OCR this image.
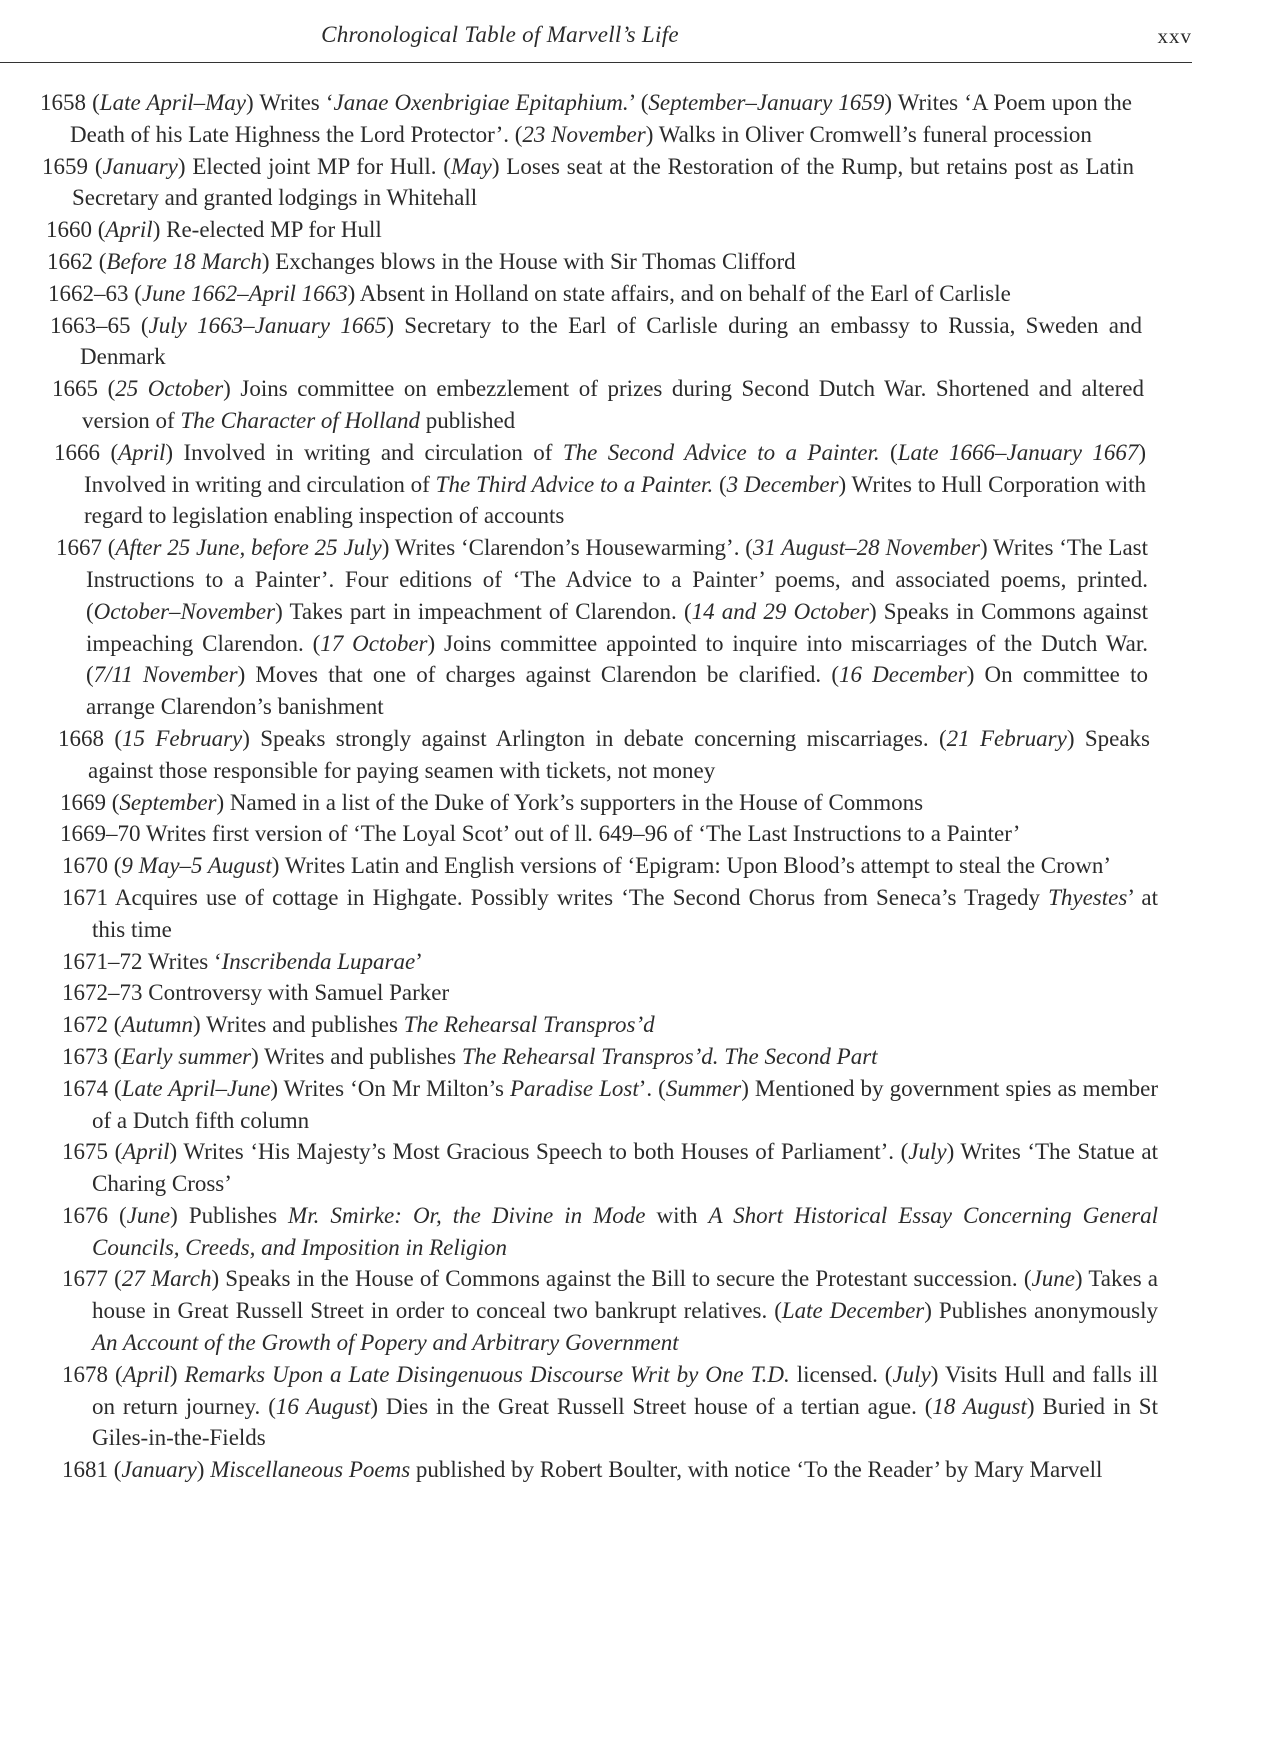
Chronological Table of Marvell’s Life	xxv

1658 (Late April–May) Writes ‘Janae Oxenbrigiae Epitaphium.’ (September–January 1659) Writes ‘A Poem upon the Death of his Late Highness the Lord Protector’. (23 November) Walks in Oliver Cromwell’s funeral procession

1659 (January) Elected joint MP for Hull. (May) Loses seat at the Restoration of the Rump, but retains post as Latin Secretary and granted lodgings in Whitehall

1660 (April) Re-elected MP for Hull

1662 (Before 18 March) Exchanges blows in the House with Sir Thomas Clifford

1662–63 (June 1662–April 1663) Absent in Holland on state affairs, and on behalf of the Earl of Carlisle

1663–65 (July 1663–January 1665) Secretary to the Earl of Carlisle during an embassy to Russia, Sweden and Denmark

1665 (25 October) Joins committee on embezzlement of prizes during Second Dutch War. Shortened and altered version of The Character of Holland published

1666 (April) Involved in writing and circulation of The Second Advice to a Painter. (Late 1666–January 1667) Involved in writing and circulation of The Third Advice to a Painter. (3 December) Writes to Hull Corporation with regard to legislation enabling inspection of accounts

1667 (After 25 June, before 25 July) Writes ‘Clarendon’s Housewarming’. (31 August–28 November) Writes ‘The Last Instructions to a Painter’. Four editions of ‘The Advice to a Painter’ poems, and associated poems, printed. (October–November) Takes part in impeachment of Clarendon. (14 and 29 October) Speaks in Commons against impeaching Clarendon. (17 October) Joins committee appointed to inquire into miscarriages of the Dutch War. (7/11 November) Moves that one of charges against Clarendon be clarified. (16 December) On committee to arrange Clarendon’s banishment

1668 (15 February) Speaks strongly against Arlington in debate concerning miscarriages. (21 February) Speaks against those responsible for paying seamen with tickets, not money

1669 (September) Named in a list of the Duke of York’s supporters in the House of Commons

1669–70 Writes first version of ‘The Loyal Scot’ out of ll. 649–96 of ‘The Last Instructions to a Painter’

1670 (9 May–5 August) Writes Latin and English versions of ‘Epigram: Upon Blood’s attempt to steal the Crown’

1671 Acquires use of cottage in Highgate. Possibly writes ‘The Second Chorus from Seneca’s Tragedy Thyestes’ at this time

1671–72 Writes ‘Inscribenda Luparae’

1672–73 Controversy with Samuel Parker

1672 (Autumn) Writes and publishes The Rehearsal Transpros’d

1673 (Early summer) Writes and publishes The Rehearsal Transpros’d. The Second Part

1674 (Late April–June) Writes ‘On Mr Milton’s Paradise Lost’. (Summer) Mentioned by government spies as member of a Dutch fifth column

1675 (April) Writes ‘His Majesty’s Most Gracious Speech to both Houses of Parliament’. (July) Writes ‘The Statue at Charing Cross’

1676 (June) Publishes Mr. Smirke: Or, the Divine in Mode with A Short Historical Essay Concerning General Councils, Creeds, and Imposition in Religion

1677 (27 March) Speaks in the House of Commons against the Bill to secure the Protestant succession. (June) Takes a house in Great Russell Street in order to conceal two bankrupt relatives. (Late December) Publishes anonymously An Account of the Growth of Popery and Arbitrary Government

1678 (April) Remarks Upon a Late Disingenuous Discourse Writ by One T.D. licensed. (July) Visits Hull and falls ill on return journey. (16 August) Dies in the Great Russell Street house of a tertian ague. (18 August) Buried in St Giles-in-the-Fields

1681 (January) Miscellaneous Poems published by Robert Boulter, with notice ‘To the Reader’ by Mary Marvell
